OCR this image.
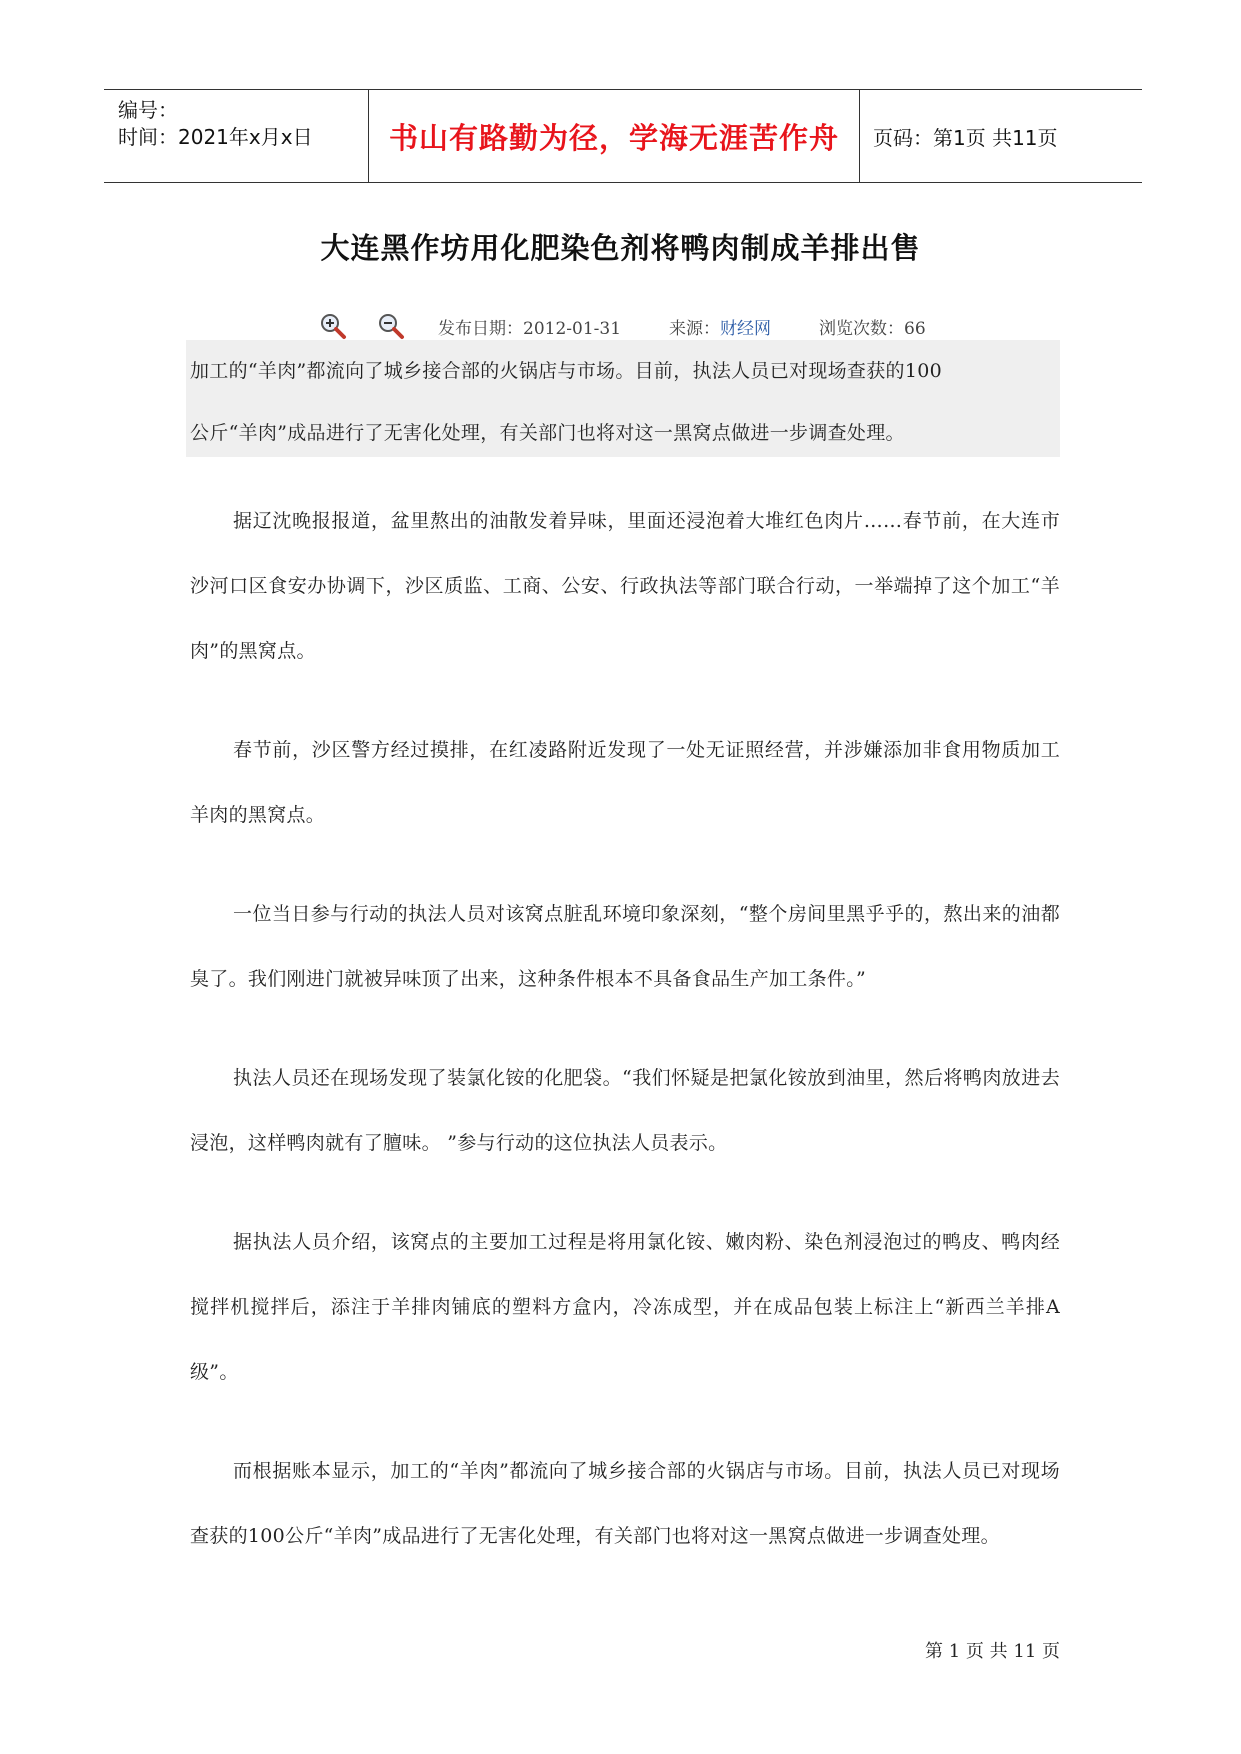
编号：
时间：2021年x月x日	书山有路勤为径，学海无涯苦作舟	页码：第1页 共11页
大连黑作坊用化肥染色剂将鸭肉制成羊排出售
发布日期：2012-01-31	来源：财经网	浏览次数：66

加工的“羊肉”都流向了城乡接合部的火锅店与市场。目前，执法人员已对现场查获的100

公斤“羊肉”成品进行了无害化处理，有关部门也将对这一黑窝点做进一步调查处理。

据辽沈晚报报道，盆里熬出的油散发着异味，里面还浸泡着大堆红色肉片……春节前，在大连市沙河口区食安办协调下，沙区质监、工商、公安、行政执法等部门联合行动，一举端掉了这个加工“羊肉”的黑窝点。

春节前，沙区警方经过摸排，在红凌路附近发现了一处无证照经营，并涉嫌添加非食用物质加工羊肉的黑窝点。

一位当日参与行动的执法人员对该窝点脏乱环境印象深刻，“整个房间里黑乎乎的，熬出来的油都臭了。我们刚进门就被异味顶了出来，这种条件根本不具备食品生产加工条件。”

执法人员还在现场发现了装氯化铵的化肥袋。“我们怀疑是把氯化铵放到油里，然后将鸭肉放进去浸泡，这样鸭肉就有了膻味。 ”参与行动的这位执法人员表示。

据执法人员介绍，该窝点的主要加工过程是将用氯化铵、嫩肉粉、染色剂浸泡过的鸭皮、鸭肉经搅拌机搅拌后，添注于羊排肉铺底的塑料方盒内，冷冻成型，并在成品包装上标注上“新西兰羊排A级”。

而根据账本显示，加工的“羊肉”都流向了城乡接合部的火锅店与市场。目前，执法人员已对现场查获的100公斤“羊肉”成品进行了无害化处理，有关部门也将对这一黑窝点做进一步调查处理。

第 1 页 共 11 页
